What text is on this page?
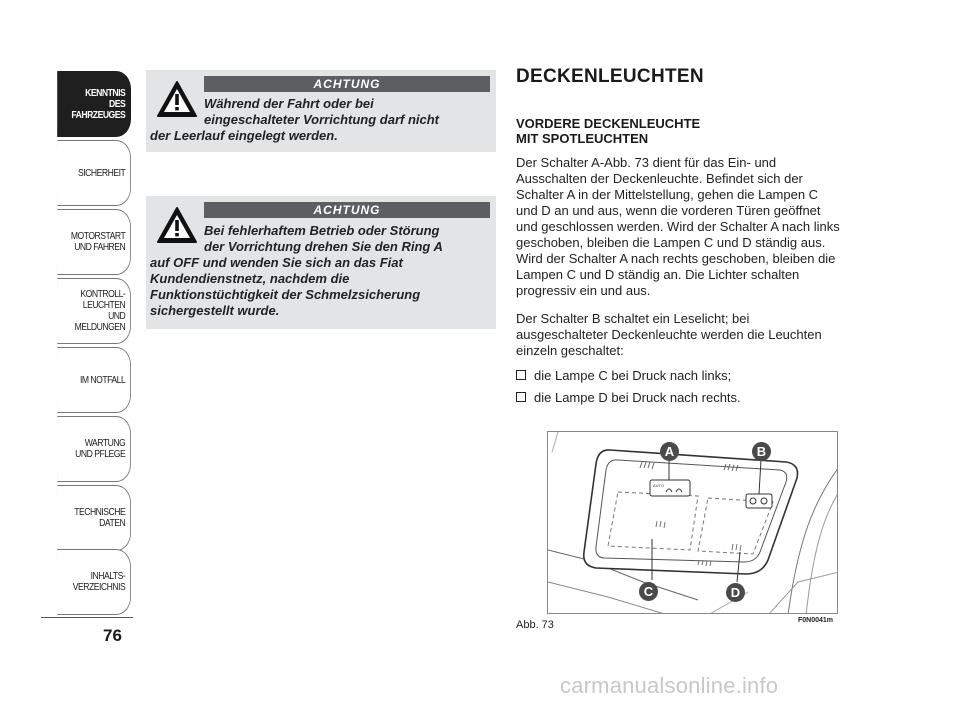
KENNTNIS
DES FAHRZEUGES
SICHERHEIT
MOTORSTART
UND FAHREN
KONTROLL-
LEUCHTEN
UND MELDUNGEN
IM NOTFALL
WARTUNG
UND PFLEGE
TECHNISCHE
DATEN
INHALTS-
VERZEICHNIS
76
ACHTUNG
Während der Fahrt oder bei
eingeschalteter Vorrichtung darf nicht
der Leerlauf eingelegt werden.
ACHTUNG
Bei fehlerhaftem Betrieb oder Störung
der Vorrichtung drehen Sie den Ring A
auf OFF und wenden Sie sich an das Fiat
Kundendienstnetz, nachdem die
Funktionstüchtigkeit der Schmelzsicherung
sichergestellt wurde.
DECKENLEUCHTEN
VORDERE DECKENLEUCHTE
MIT SPOTLEUCHTEN
Der Schalter A-Abb. 73 dient für das Ein- und
Ausschalten der Deckenleuchte. Befindet sich der
Schalter A in der Mittelstellung, gehen die Lampen C
und D an und aus, wenn die vorderen Türen geöffnet
und geschlossen werden. Wird der Schalter A nach links
geschoben, bleiben die Lampen C und D ständig aus.
Wird der Schalter A nach rechts geschoben, bleiben die
Lampen C und D ständig an. Die Lichter schalten
progressiv ein und aus.
Der Schalter B schaltet ein Leselicht; bei
ausgeschalteter Deckenleuchte werden die Leuchten
einzeln geschaltet:
die Lampe C bei Druck nach links;
die Lampe D bei Druck nach rechts.
AUTO
A	B
C	D
Abb. 73	F0N0041m
carmanualsonline.info
